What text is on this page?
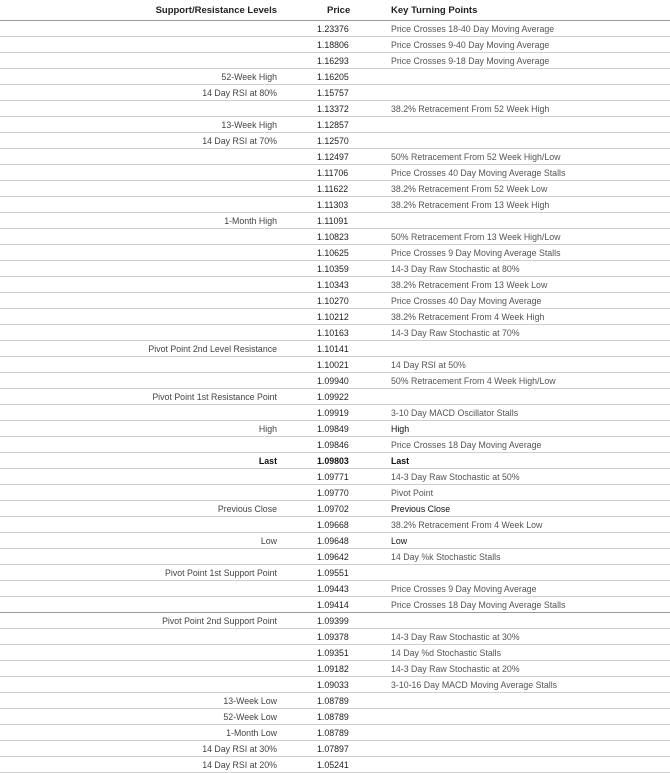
Support/Resistance Levels	Price	Key Turning Points
	1.23376	Price Crosses 18-40 Day Moving Average
	1.18806	Price Crosses 9-40 Day Moving Average
	1.16293	Price Crosses 9-18 Day Moving Average
52-Week High	1.16205	
14 Day RSI at 80%	1.15757	
	1.13372	38.2% Retracement From 52 Week High
13-Week High	1.12857	
14 Day RSI at 70%	1.12570	
	1.12497	50% Retracement From 52 Week High/Low
	1.11706	Price Crosses 40 Day Moving Average Stalls
	1.11622	38.2% Retracement From 52 Week Low
	1.11303	38.2% Retracement From 13 Week High
1-Month High	1.11091	
	1.10823	50% Retracement From 13 Week High/Low
	1.10625	Price Crosses 9 Day Moving Average Stalls
	1.10359	14-3 Day Raw Stochastic at 80%
	1.10343	38.2% Retracement From 13 Week Low
	1.10270	Price Crosses 40 Day Moving Average
	1.10212	38.2% Retracement From 4 Week High
	1.10163	14-3 Day Raw Stochastic at 70%
Pivot Point 2nd Level Resistance	1.10141	
	1.10021	14 Day RSI at 50%
	1.09940	50% Retracement From 4 Week High/Low
Pivot Point 1st Resistance Point	1.09922	
	1.09919	3-10 Day MACD Oscillator Stalls
High	1.09849	High
	1.09846	Price Crosses 18 Day Moving Average
Last	1.09803	Last
	1.09771	14-3 Day Raw Stochastic at 50%
	1.09770	Pivot Point
Previous Close	1.09702	Previous Close
	1.09668	38.2% Retracement From 4 Week Low
Low	1.09648	Low
	1.09642	14 Day %k Stochastic Stalls
Pivot Point 1st Support Point	1.09551	
	1.09443	Price Crosses 9 Day Moving Average
	1.09414	Price Crosses 18 Day Moving Average Stalls
Pivot Point 2nd Support Point	1.09399	
	1.09378	14-3 Day Raw Stochastic at 30%
	1.09351	14 Day %d Stochastic Stalls
	1.09182	14-3 Day Raw Stochastic at 20%
	1.09033	3-10-16 Day MACD Moving Average Stalls
13-Week Low	1.08789	
52-Week Low	1.08789	
1-Month Low	1.08789	
14 Day RSI at 30%	1.07897	
14 Day RSI at 20%	1.05241	
